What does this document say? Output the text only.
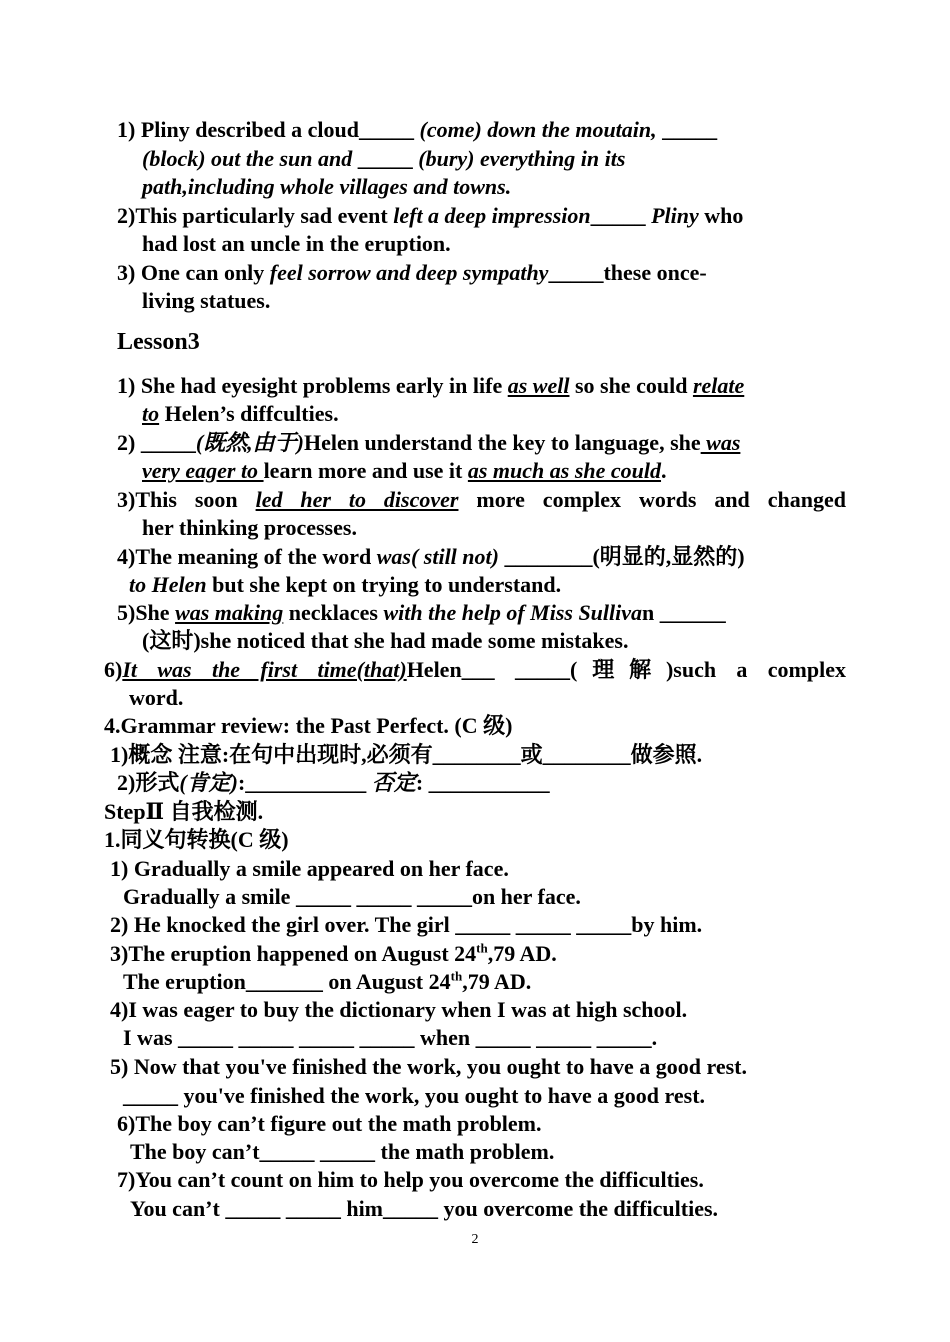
1) Pliny described a cloud_____ (come) down the moutain, _____
(block) out the sun and _____ (bury) everything in its
path,including whole villages and towns.
2)This particularly sad event left a deep impression_____ Pliny who
had lost an uncle in the eruption.
3) One can only feel sorrow and deep sympathy_____these once-
living statues.
Lesson3
1) She had eyesight problems early in life as well so she could relate
to Helen’s diffculties.
2) _____(既然,由于)Helen understand the key to language, she was
very eager to learn more and use it as much as she could.
3)This soon led her to discover more complex words and changed
her thinking processes.
4)The meaning of the word was( still not) ________(明显的,显然的)
to Helen but she kept on trying to understand.
5)She was making necklaces with the help of Miss Sullivan ______
(这时)she noticed that she had made some mistakes.
6)It was the first time(that)Helen___ _____(理解)such a complex
word.
4.Grammar review: the Past Perfect. (C 级)
1)概念 注意:在句中出现时,必须有________或________做参照.
2)形式(肯定):___________ 否定: ___________
StepⅡ 自我检测.
1.同义句转换(C 级)
1) Gradually a smile appeared on her face.
Gradually a smile _____ _____ _____on her face.
2) He knocked the girl over. The girl _____ _____ _____by him.
3)The eruption happened on August 24th,79 AD.
The eruption_______ on August 24th,79 AD.
4)I was eager to buy the dictionary when I was at high school.
I was _____ _____ _____ _____ when _____ _____ _____.
5) Now that you've finished the work, you ought to have a good rest.
_____ you've finished the work, you ought to have a good rest.
6)The boy can’t figure out the math problem.
The boy can’t_____ _____ the math problem.
7)You can’t count on him to help you overcome the difficulties.
You can’t _____ _____ him_____ you overcome the difficulties.
2
